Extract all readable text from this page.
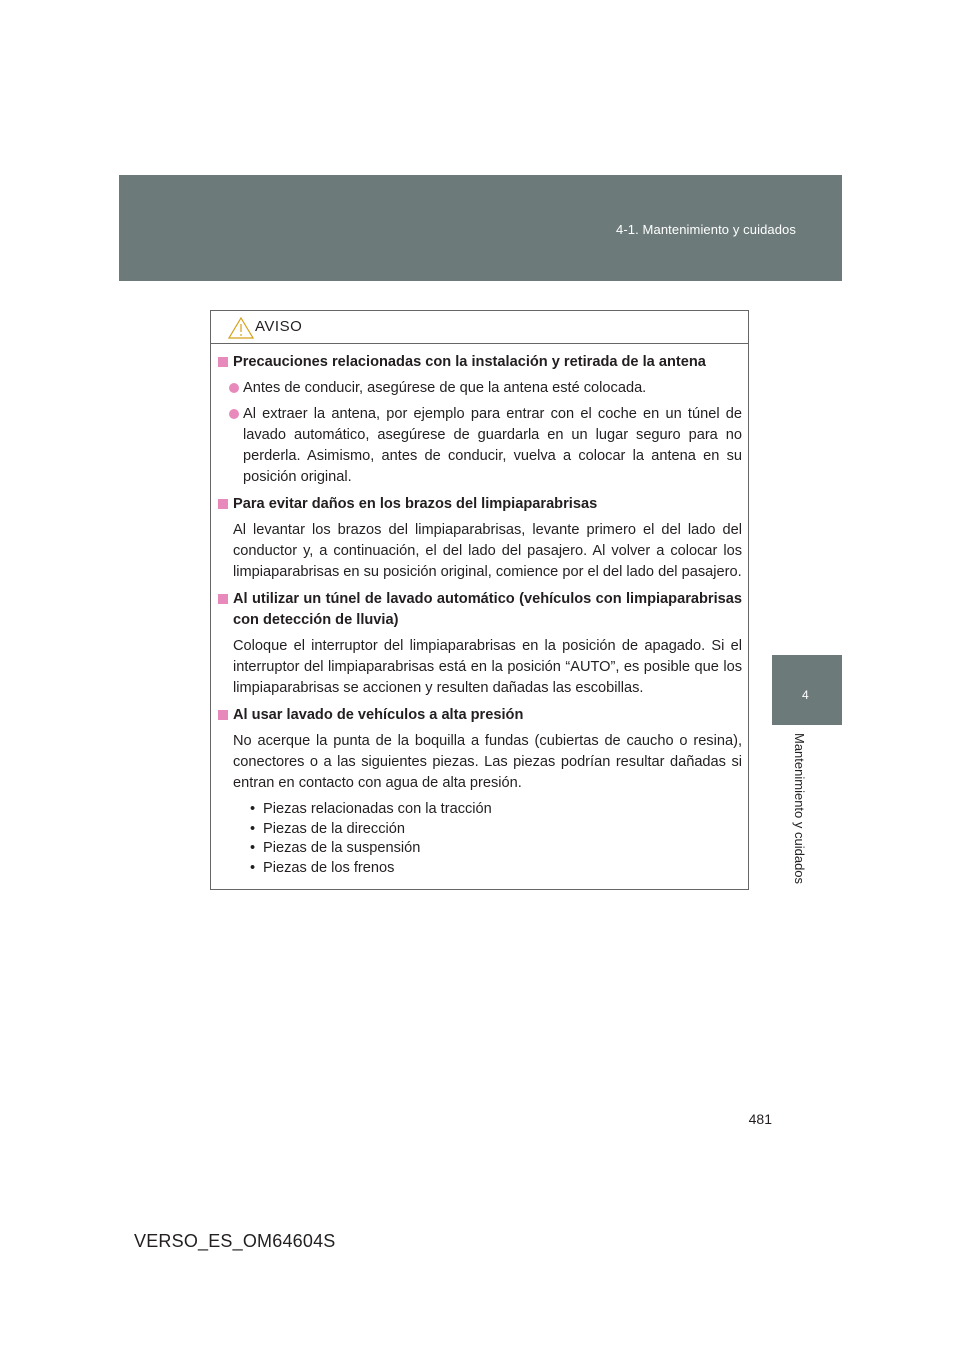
4-1. Mantenimiento y cuidados
4
Mantenimiento y cuidados
AVISO
Precauciones relacionadas con la instalación y retirada de la antena
Antes de conducir, asegúrese de que la antena esté colocada.
Al extraer la antena, por ejemplo para entrar con el coche en un túnel de lavado automático, asegúrese de guardarla en un lugar seguro para no perderla. Asimismo, antes de conducir, vuelva a colocar la antena en su posición original.
Para evitar daños en los brazos del limpiaparabrisas
Al levantar los brazos del limpiaparabrisas, levante primero el del lado del conductor y, a continuación, el del lado del pasajero. Al volver a colocar los limpiaparabrisas en su posición original, comience por el del lado del pasajero.
Al utilizar un túnel de lavado automático (vehículos con limpiaparabrisas con detección de lluvia)
Coloque el interruptor del limpiaparabrisas en la posición de apagado. Si el interruptor del limpiaparabrisas está en la posición “AUTO”, es posible que los limpiaparabrisas se accionen y resulten dañadas las escobillas.
Al usar lavado de vehículos a alta presión
No acerque la punta de la boquilla a fundas (cubiertas de caucho o resina), conectores o a las siguientes piezas. Las piezas podrían resultar dañadas si entran en contacto con agua de alta presión.
• Piezas relacionadas con la tracción
• Piezas de la dirección
• Piezas de la suspensión
• Piezas de los frenos
481
VERSO_ES_OM64604S
